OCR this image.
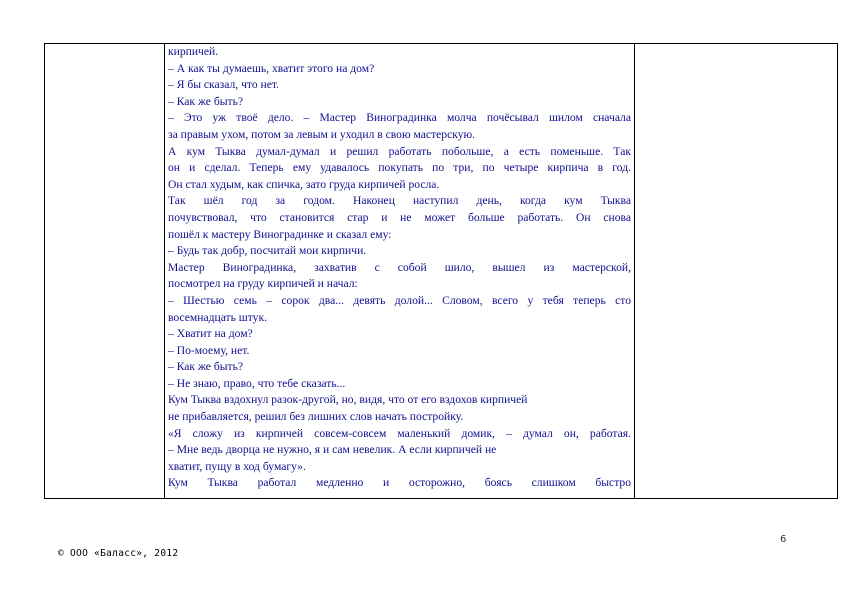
кирпичей.
– А как ты думаешь, хватит этого на дом?
– Я бы сказал, что нет.
– Как же быть?
– Это уж твоё дело. – Мастер Виноградинка молча почёсывал шилом сначала
за правым ухом, потом за левым и уходил в свою мастерскую.
А кум Тыква думал-думал и решил работать побольше, а есть поменьше. Так
он и сделал. Теперь ему удавалось покупать по три, по четыре кирпича в год.
Он стал худым, как спичка, зато груда кирпичей росла.
Так шёл год за годом. Наконец наступил день, когда кум Тыква
почувствовал, что становится стар и не может больше работать. Он снова
пошёл к мастеру Виноградинке и сказал ему:
– Будь так добр, посчитай мои кирпичи.
Мастер Виноградинка, захватив с собой шило, вышел из мастерской,
посмотрел на груду кирпичей и начал:
– Шестью семь – сорок два... девять долой... Словом, всего у тебя теперь сто
восемнадцать штук.
– Хватит на дом?
– По-моему, нет.
– Как же быть?
– Не знаю, право, что тебе сказать...
Кум Тыква вздохнул разок-другой, но, видя, что от его вздохов кирпичей
не прибавляется, решил без лишних слов начать постройку.
«Я сложу из кирпичей совсем-совсем маленький домик, – думал он, работая.
– Мне ведь дворца не нужно, я и сам невелик. А если кирпичей не
хватит, пущу в ход бумагу».
Кум Тыква работал медленно и осторожно, боясь слишком быстро
6
© ООО «Баласс», 2012
